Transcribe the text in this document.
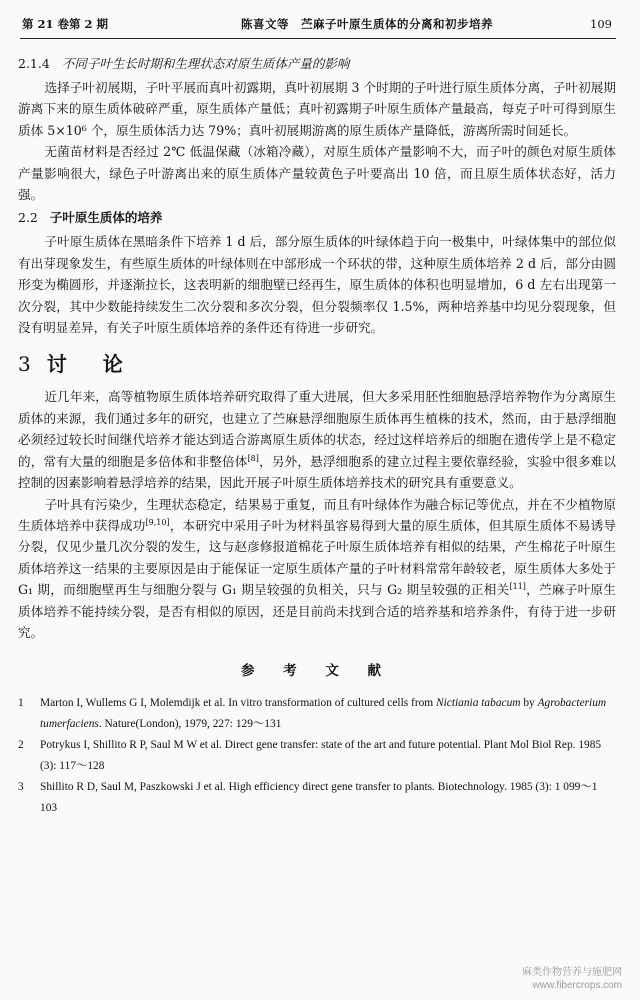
第 21 卷第 2 期	陈喜文等　苎麻子叶原生质体的分离和初步培养	109
2.1.4 不同子叶生长时期和生理状态对原生质体产量的影响

选择子叶初展期，子叶平展而真叶初露期，真叶初展期 3 个时期的子叶进行原生质体分离，子叶初展期游离下来的原生质体破碎严重，原生质体产量低；真叶初露期子叶原生质体产量最高，每克子叶可得到原生质体 5×10⁶ 个，原生质体活力达 79%；真叶初展期游离的原生质体产量降低，游离所需时间延长。

无菌苗材料是否经过 2℃ 低温保藏（冰箱冷藏），对原生质体产量影响不大，而子叶的颜色对原生质体产量影响很大，绿色子叶游离出来的原生质体产量较黄色子叶要高出 10 倍，而且原生质体状态好，活力强。

2.2 子叶原生质体的培养

子叶原生质体在黑暗条件下培养 1 d 后，部分原生质体的叶绿体趋于向一极集中，叶绿体集中的部位似有出芽现象发生，有些原生质体的叶绿体则在中部形成一个环状的带，这种原生质体培养 2 d 后，部分由圆形变为椭圆形，并逐渐拉长，这表明新的细胞壁已经再生，原生质体的体积也明显增加，6 d 左右出现第一次分裂，其中少数能持续发生二次分裂和多次分裂，但分裂频率仅 1.5%，两种培养基中均见分裂现象，但没有明显差异，有关子叶原生质体培养的条件还有待进一步研究。

3 讨　论

近几年来，高等植物原生质体培养研究取得了重大进展，但大多采用胚性细胞悬浮培养物作为分离原生质体的来源，我们通过多年的研究，也建立了苎麻悬浮细胞原生质体再生植株的技术，然而，由于悬浮细胞必须经过较长时间继代培养才能达到适合游离原生质体的状态，经过这样培养后的细胞在遗传学上是不稳定的，常有大量的细胞是多倍体和非整倍体[8]，另外，悬浮细胞系的建立过程主要依靠经验，实验中很多难以控制的因素影响着悬浮培养的结果，因此开展子叶原生质体培养技术的研究具有重要意义。

子叶具有污染少，生理状态稳定，结果易于重复，而且有叶绿体作为融合标记等优点，并在不少植物原生质体培养中获得成功[9,10]，本研究中采用子叶为材料虽容易得到大量的原生质体，但其原生质体不易诱导分裂，仅见少量几次分裂的发生，这与赵彦修报道棉花子叶原生质体培养有相似的结果，产生棉花子叶原生质体培养这一结果的主要原因是由于能保证一定原生质体产量的子叶材料常常年龄较老，原生质体大多处于 G₁ 期，而细胞壁再生与细胞分裂与 G₁ 期呈较强的负相关，只与 G₂ 期呈较强的正相关[11]，苎麻子叶原生质体培养不能持续分裂，是否有相似的原因，还是目前尚未找到合适的培养基和培养条件，有待于进一步研究。

参 考 文 献
1	Marton I, Wullems G I, Molemdijk et al. In vitro transformation of cultured cells from Nictiania tabacum by Agrobacterium tumerfaciens. Nature(London), 1979, 227: 129～131
2	Potrykus I, Shillito R P, Saul M W et al. Direct gene transfer: state of the art and future potential. Plant Mol Biol Rep. 1985 (3): 117～128
3	Shillito R D, Saul M, Paszkowski J et al. High efficiency direct gene transfer to plants. Biotechnology. 1985 (3): 1 099～1 103
麻类作物营养与施肥网
www.fibercrops.com
